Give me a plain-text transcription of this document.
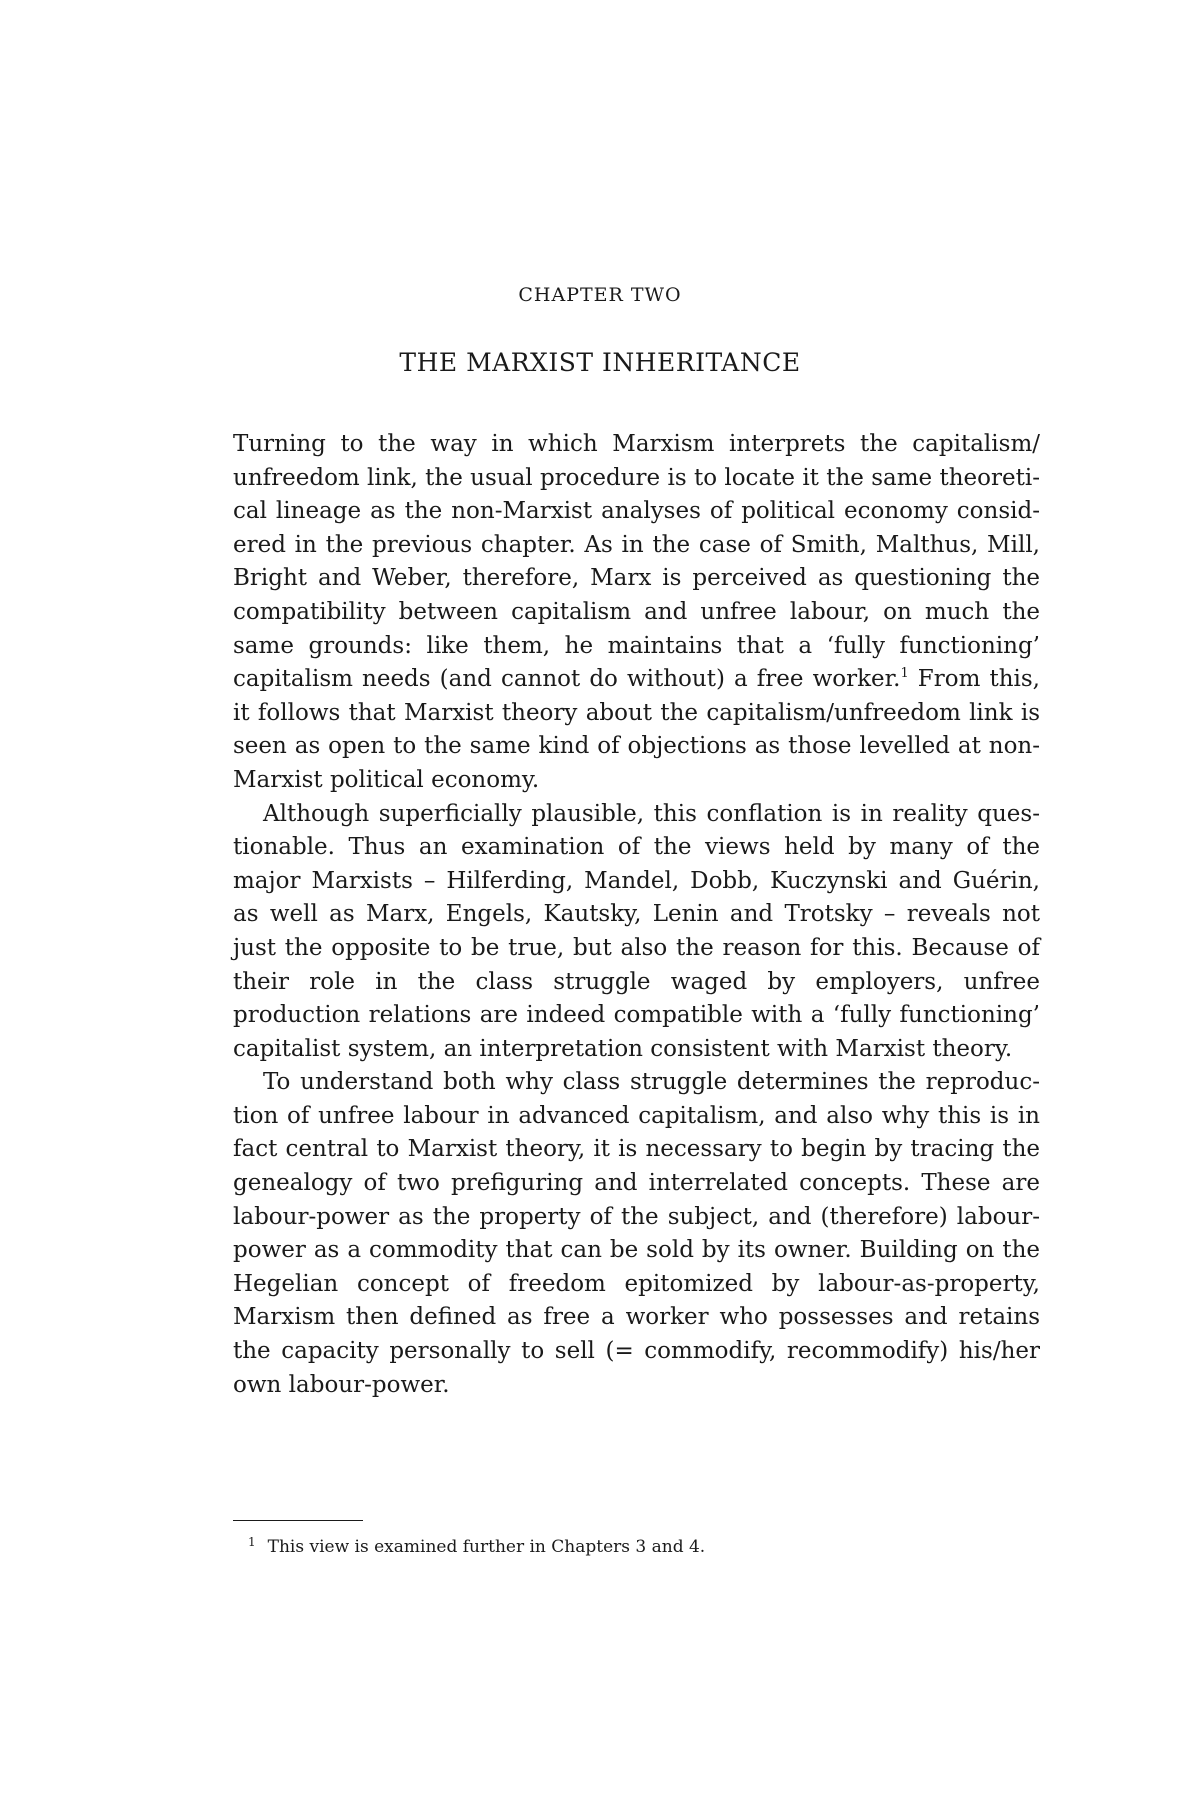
CHAPTER TWO
THE MARXIST INHERITANCE

Turning to the way in which Marxism interprets the capitalism/​unfreedom link, the usual procedure is to locate it the same theoretical lineage as the non-Marxist analyses of political economy considered in the previous chapter. As in the case of Smith, Malthus, Mill, Bright and Weber, therefore, Marx is perceived as questioning the compatibility between capitalism and unfree labour, on much the same grounds: like them, he maintains that a ‘fully functioning’ capitalism needs (and cannot do without) a free worker.$^1$ From this, it follows that Marxist theory about the capitalism/unfreedom link is seen as open to the same kind of objections as those levelled at non-Marxist political economy.

Although superficially plausible, this conflation is in reality questionable. Thus an examination of the views held by many of the major Marxists – Hilferding, Mandel, Dobb, Kuczynski and Guérin, as well as Marx, Engels, Kautsky, Lenin and Trotsky – reveals not just the opposite to be true, but also the reason for this. Because of their role in the class struggle waged by employers, unfree production relations are indeed compatible with a ‘fully functioning’ capitalist system, an interpretation consistent with Marxist theory.

To understand both why class struggle determines the reproduction of unfree labour in advanced capitalism, and also why this is in fact central to Marxist theory, it is necessary to begin by tracing the genealogy of two prefiguring and interrelated concepts. These are labour-power as the property of the subject, and (therefore) labour-​power as a commodity that can be sold by its owner. Building on the Hegelian concept of freedom epitomized by labour-as-property, Marxism then defined as free a worker who possesses and retains the capacity personally to sell (= commodify, recommodify) his/her own labour-power.

$^1$ This view is examined further in Chapters 3 and 4.
